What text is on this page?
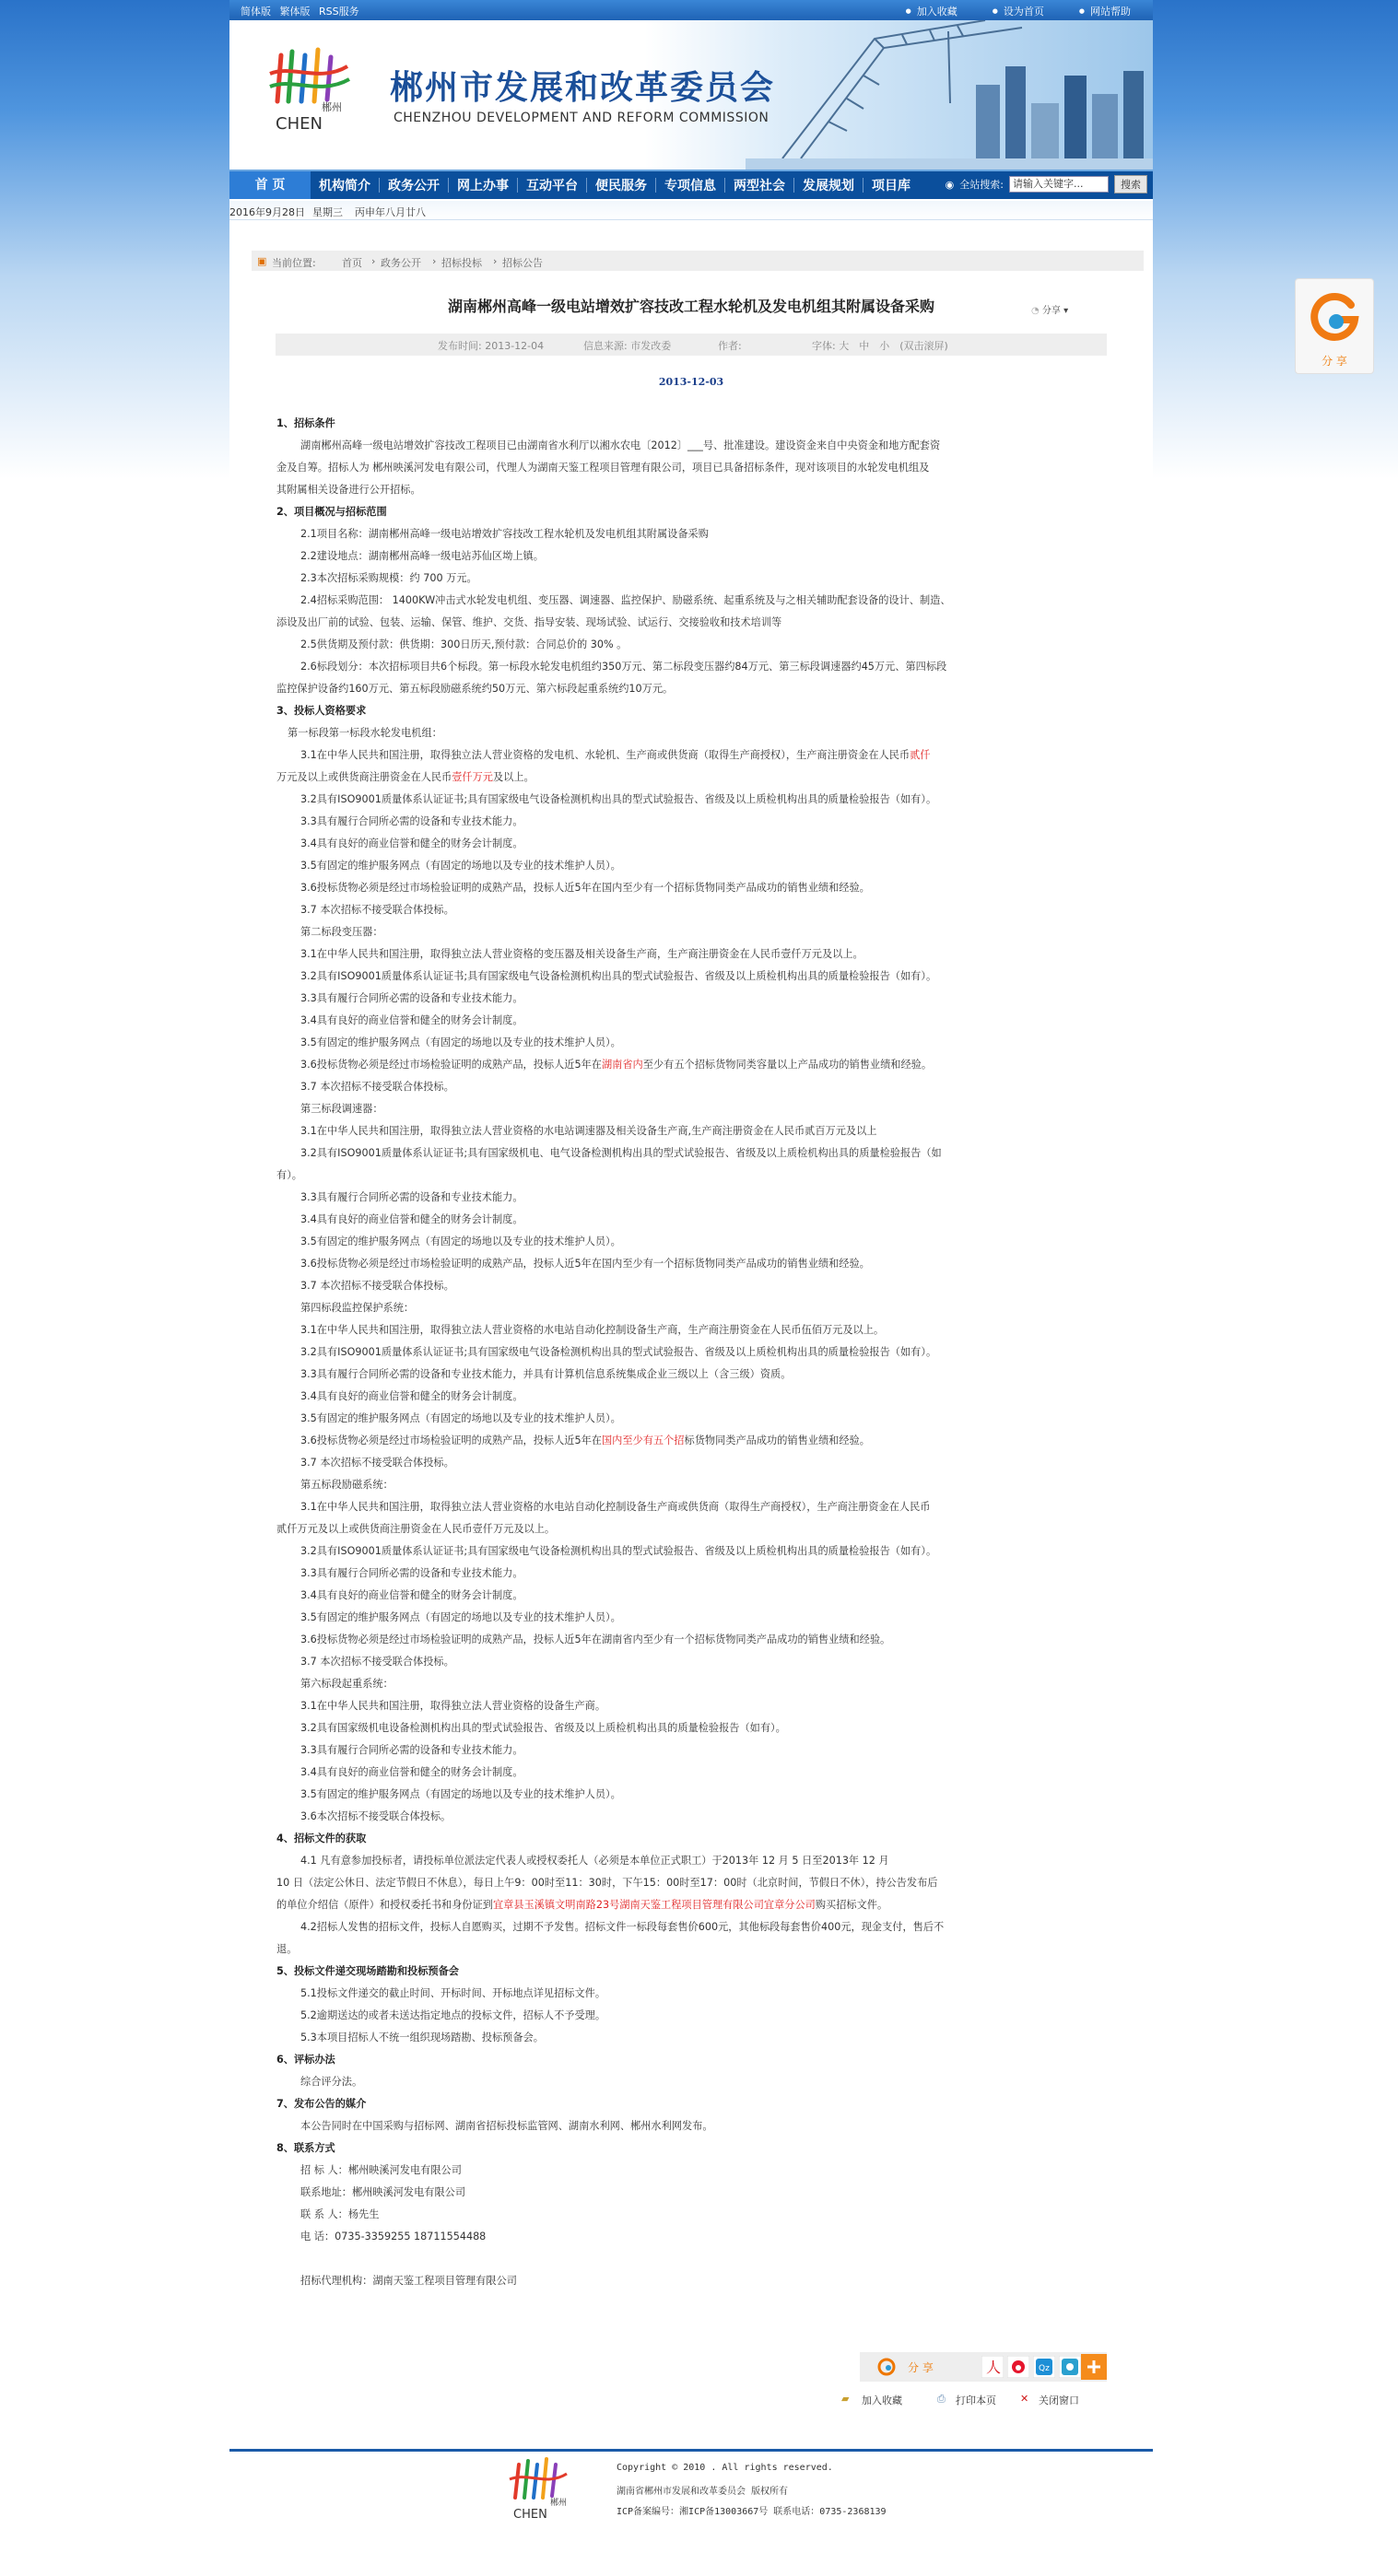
简体版 繁体版 RSS服务	● 加入收藏	● 设为首页	● 网站帮助
郴州
CHEN
郴州市发展和改革委员会
CHENZHOU DEVELOPMENT AND REFORM COMMISSION
首 页	机构简介	政务公开	网上办事	互动平台	便民服务	专项信息	两型社会	发展规划	项目库	◉ 全站搜索: 请输入关键字...	搜索
2016年9月28日 星期三 丙申年八月廿八
▣ 当前位置:	首页 › 政务公开 › 招标投标 › 招标公告
湖南郴州高峰一级电站增效扩容技改工程水轮机及发电机组其附属设备采购	◔ 分享 ▾
发布时间: 2013-12-04	信息来源: 市发改委	作者:	字体: 大　中　小　(双击滚屏)
2013-12-03
1、招标条件
湖南郴州高峰一级电站增效扩容技改工程项目已由湖南省水利厅以湘水农电〔2012〕___号、批准建设。建设资金来自中央资金和地方配套资
金及自筹。招标人为 郴州映溪河发电有限公司，代理人为湖南天鉴工程项目管理有限公司，项目已具备招标条件，现对该项目的水轮发电机组及
其附属相关设备进行公开招标。
2、项目概况与招标范围
2.1项目名称：湖南郴州高峰一级电站增效扩容技改工程水轮机及发电机组其附属设备采购
2.2建设地点：湖南郴州高峰一级电站苏仙区坳上镇。
2.3本次招标采购规模：约 700 万元。
2.4招标采购范围： 1400KW冲击式水轮发电机组、变压器、调速器、监控保护、励磁系统、起重系统及与之相关辅助配套设备的设计、制造、
添设及出厂前的试验、包装、运输、保管、维护、交货、指导安装、现场试验、试运行、交接验收和技术培训等
2.5供货期及预付款：供货期：300日历天,预付款：合同总价的 30% 。
2.6标段划分：本次招标项目共6个标段。第一标段水轮发电机组约350万元、第二标段变压器约84万元、第三标段调速器约45万元、第四标段
监控保护设备约160万元、第五标段励磁系统约50万元、第六标段起重系统约10万元。
3、投标人资格要求
第一标段第一标段水轮发电机组：
3.1在中华人民共和国注册，取得独立法人营业资格的发电机、水轮机、生产商或供货商（取得生产商授权），生产商注册资金在人民币贰仟
万元及以上或供货商注册资金在人民币壹仟万元及以上。
3.2具有ISO9001质量体系认证证书;具有国家级电气设备检测机构出具的型式试验报告、省级及以上质检机构出具的质量检验报告（如有）。
3.3具有履行合同所必需的设备和专业技术能力。
3.4具有良好的商业信誉和健全的财务会计制度。
3.5有固定的维护服务网点（有固定的场地以及专业的技术维护人员）。
3.6投标货物必须是经过市场检验证明的成熟产品，投标人近5年在国内至少有一个招标货物同类产品成功的销售业绩和经验。
3.7 本次招标不接受联合体投标。
第二标段变压器：
3.1在中华人民共和国注册，取得独立法人营业资格的变压器及相关设备生产商，生产商注册资金在人民币壹仟万元及以上。
3.2具有ISO9001质量体系认证证书;具有国家级电气设备检测机构出具的型式试验报告、省级及以上质检机构出具的质量检验报告（如有）。
3.3具有履行合同所必需的设备和专业技术能力。
3.4具有良好的商业信誉和健全的财务会计制度。
3.5有固定的维护服务网点（有固定的场地以及专业的技术维护人员）。
3.6投标货物必须是经过市场检验证明的成熟产品，投标人近5年在湖南省内至少有五个招标货物同类容量以上产品成功的销售业绩和经验。
3.7 本次招标不接受联合体投标。
第三标段调速器：
3.1在中华人民共和国注册，取得独立法人营业资格的水电站调速器及相关设备生产商,生产商注册资金在人民币贰百万元及以上
3.2具有ISO9001质量体系认证证书;具有国家级机电、电气设备检测机构出具的型式试验报告、省级及以上质检机构出具的质量检验报告（如
有）。
3.3具有履行合同所必需的设备和专业技术能力。
3.4具有良好的商业信誉和健全的财务会计制度。
3.5有固定的维护服务网点（有固定的场地以及专业的技术维护人员）。
3.6投标货物必须是经过市场检验证明的成熟产品，投标人近5年在国内至少有一个招标货物同类产品成功的销售业绩和经验。
3.7 本次招标不接受联合体投标。
第四标段监控保护系统：
3.1在中华人民共和国注册，取得独立法人营业资格的水电站自动化控制设备生产商，生产商注册资金在人民币伍佰万元及以上。
3.2具有ISO9001质量体系认证证书;具有国家级电气设备检测机构出具的型式试验报告、省级及以上质检机构出具的质量检验报告（如有）。
3.3具有履行合同所必需的设备和专业技术能力，并具有计算机信息系统集成企业三级以上（含三级）资质。
3.4具有良好的商业信誉和健全的财务会计制度。
3.5有固定的维护服务网点（有固定的场地以及专业的技术维护人员）。
3.6投标货物必须是经过市场检验证明的成熟产品，投标人近5年在国内至少有五个招标货物同类产品成功的销售业绩和经验。
3.7 本次招标不接受联合体投标。
第五标段励磁系统：
3.1在中华人民共和国注册，取得独立法人营业资格的水电站自动化控制设备生产商或供货商（取得生产商授权），生产商注册资金在人民币
贰仟万元及以上或供货商注册资金在人民币壹仟万元及以上。
3.2具有ISO9001质量体系认证证书;具有国家级电气设备检测机构出具的型式试验报告、省级及以上质检机构出具的质量检验报告（如有）。
3.3具有履行合同所必需的设备和专业技术能力。
3.4具有良好的商业信誉和健全的财务会计制度。
3.5有固定的维护服务网点（有固定的场地以及专业的技术维护人员）。
3.6投标货物必须是经过市场检验证明的成熟产品，投标人近5年在湖南省内至少有一个招标货物同类产品成功的销售业绩和经验。
3.7 本次招标不接受联合体投标。
第六标段起重系统：
3.1在中华人民共和国注册，取得独立法人营业资格的设备生产商。
3.2具有国家级机电设备检测机构出具的型式试验报告、省级及以上质检机构出具的质量检验报告（如有）。
3.3具有履行合同所必需的设备和专业技术能力。
3.4具有良好的商业信誉和健全的财务会计制度。
3.5有固定的维护服务网点（有固定的场地以及专业的技术维护人员）。
3.6本次招标不接受联合体投标。
4、招标文件的获取
4.1 凡有意参加投标者，请投标单位派法定代表人或授权委托人（必须是本单位正式职工）于2013年 12 月 5 日至2013年 12 月
10 日（法定公休日、法定节假日不休息），每日上午9：00时至11：30时，下午15：00时至17：00时（北京时间，节假日不休），持公告发布后
的单位介绍信（原件）和授权委托书和身份证到宜章县玉溪镇文明南路23号湖南天鉴工程项目管理有限公司宜章分公司购买招标文件。
4.2招标人发售的招标文件，投标人自愿购买，过期不予发售。招标文件一标段每套售价600元，其他标段每套售价400元，现金支付，售后不
退。
5、投标文件递交现场踏勘和投标预备会
5.1投标文件递交的截止时间、开标时间、开标地点详见招标文件。
5.2逾期送达的或者未送达指定地点的投标文件，招标人不予受理。
5.3本项目招标人不统一组织现场踏勘、投标预备会。
6、评标办法
综合评分法。
7、发布公告的媒介
本公告同时在中国采购与招标网、湖南省招标投标监管网、湖南水利网、郴州水利网发布。
8、联系方式
招 标 人：郴州映溪河发电有限公司
联系地址：郴州映溪河发电有限公司
联 系 人：杨先生
电 话：0735-3359255 18711554488
招标代理机构：湖南天鉴工程项目管理有限公司
分 享	人	Qz
▰ 加入收藏	⎙ 打印本页 ✕ 关闭窗口
郴州
CHEN
Copyright © 2010 . All rights reserved.
湖南省郴州市发展和改革委员会 版权所有
ICP备案编号：湘ICP备13003667号 联系电话：0735-2368139
分 享
